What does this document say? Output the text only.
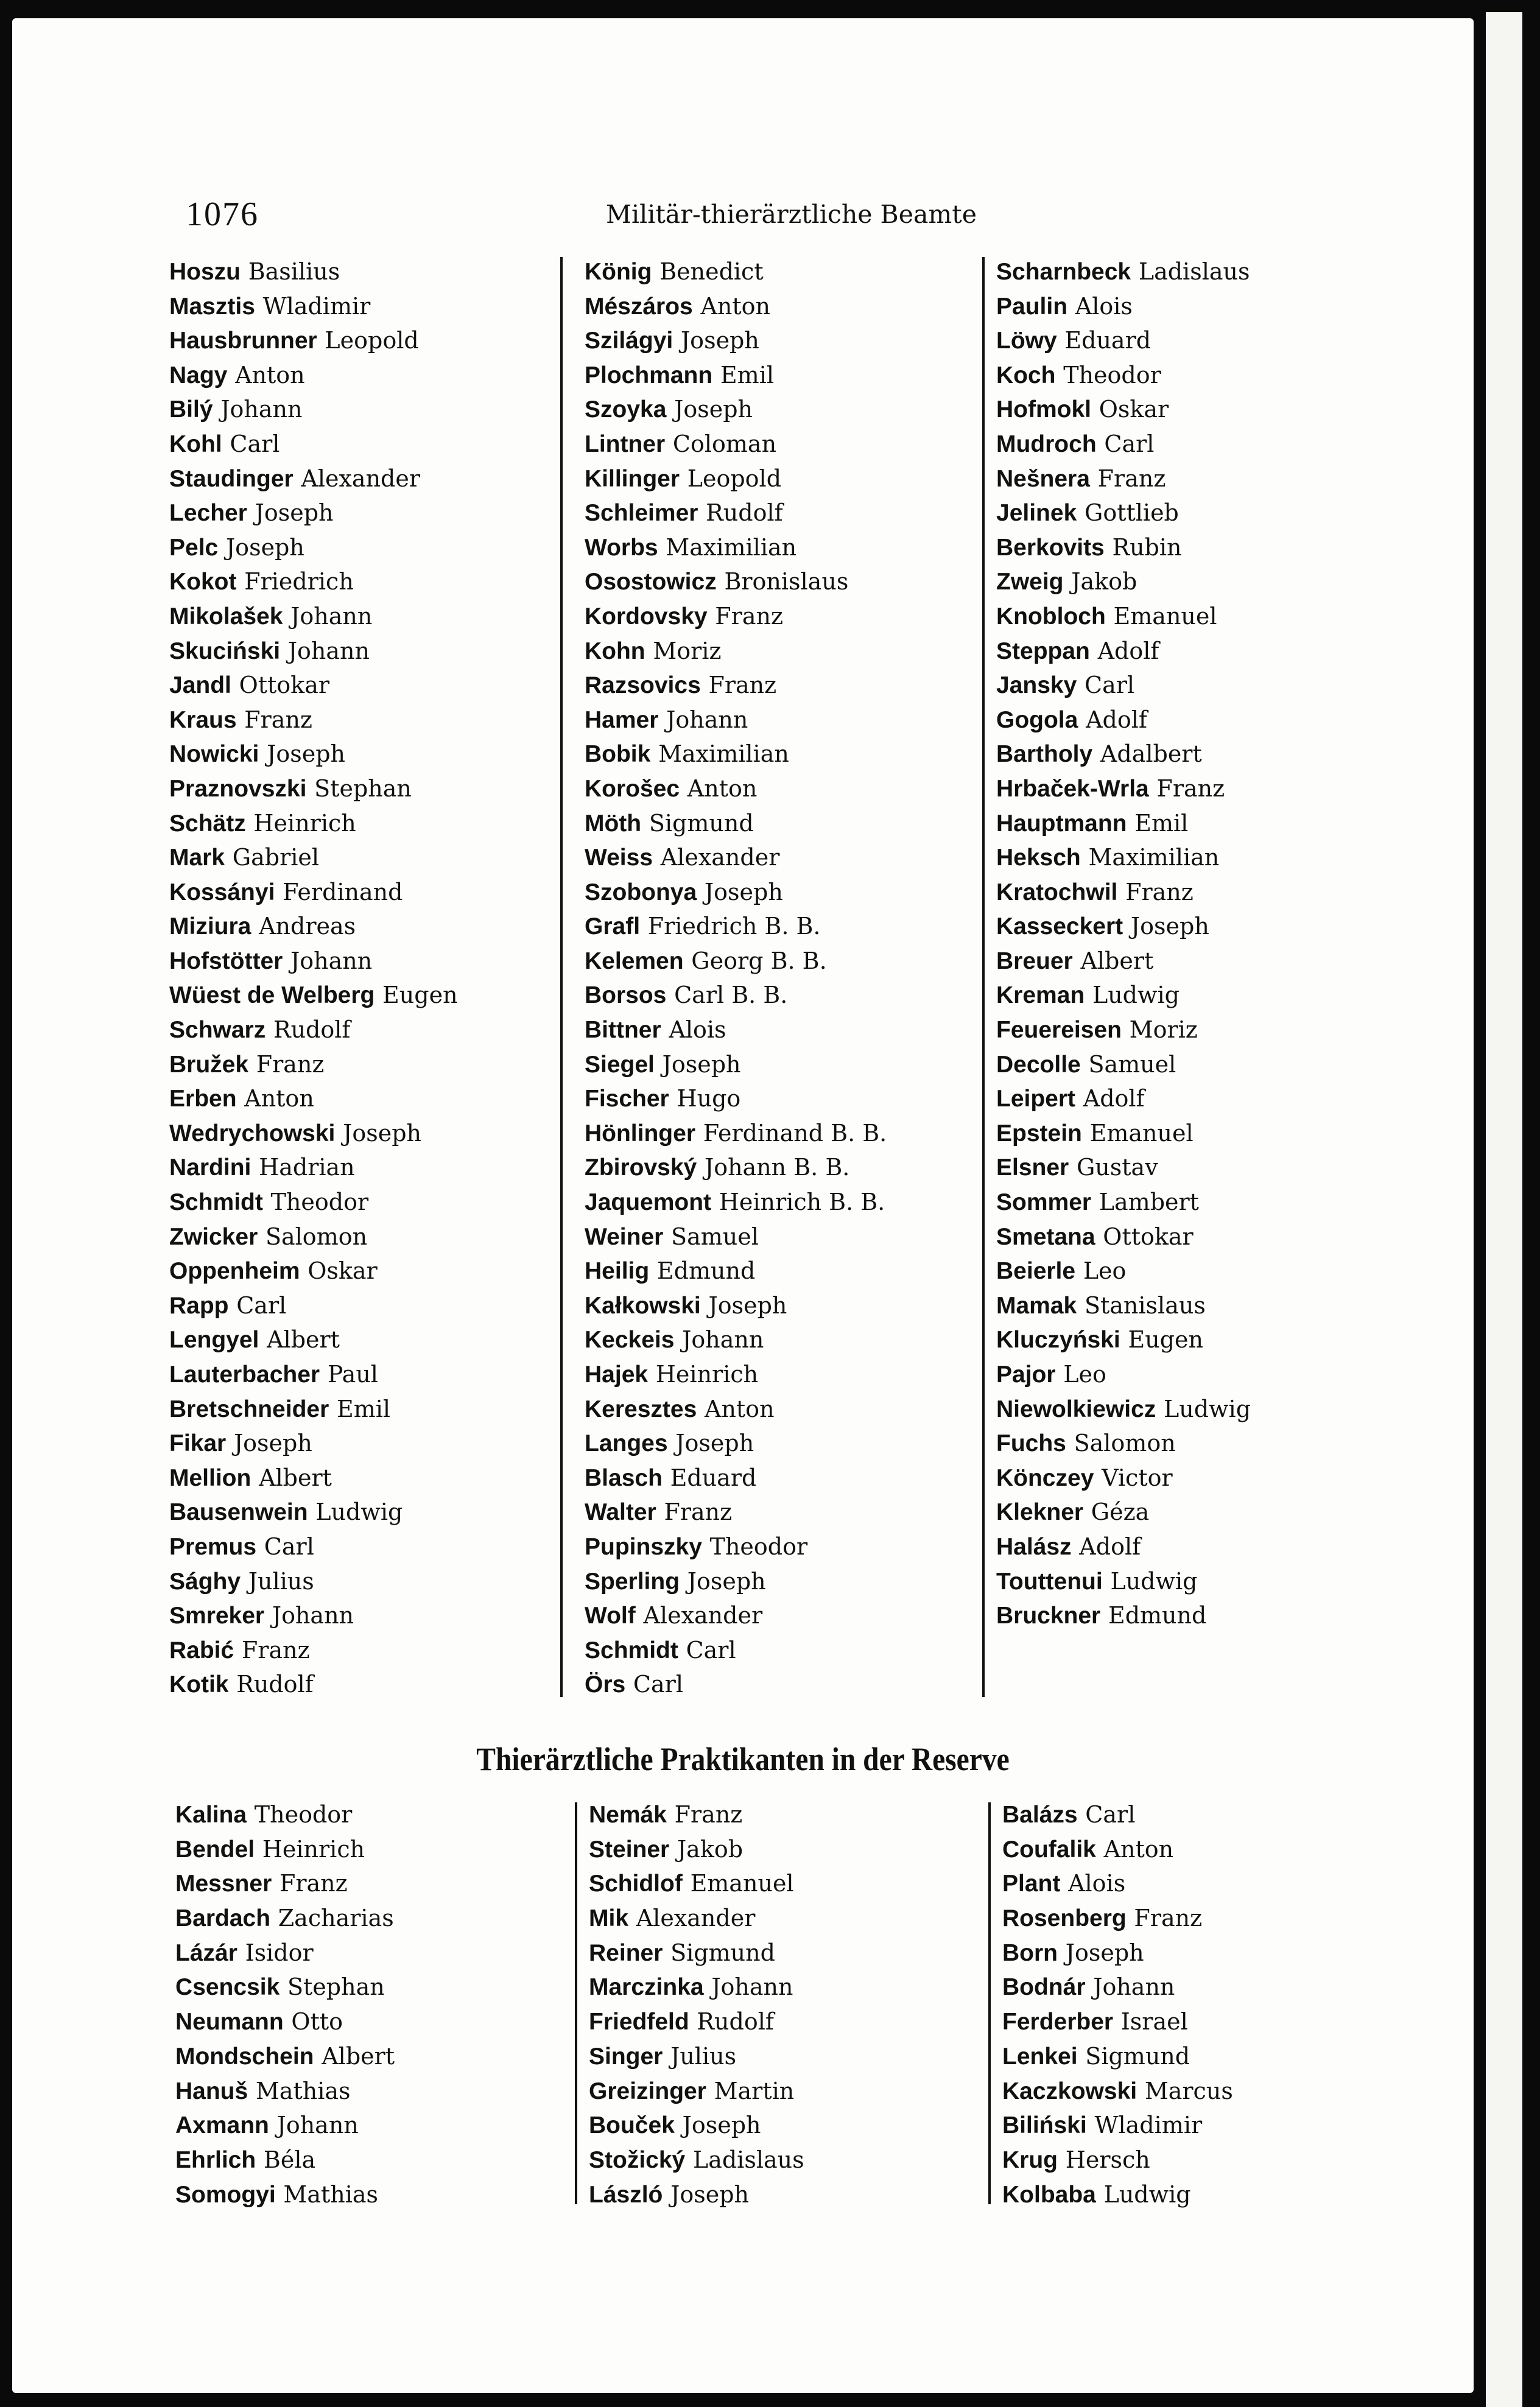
1076	Militär-thierärztliche Beamte
Hoszu Basilius
Masztis Wladimir
Hausbrunner Leopold
Nagy Anton
Bilý Johann
Kohl Carl
Staudinger Alexander
Lecher Joseph
Pelc Joseph
Kokot Friedrich
Mikolašek Johann
Skuciński Johann
Jandl Ottokar
Kraus Franz
Nowicki Joseph
Praznovszki Stephan
Schätz Heinrich
Mark Gabriel
Kossányi Ferdinand
Miziura Andreas
Hofstötter Johann
Wüest de Welberg Eugen
Schwarz Rudolf
Bružek Franz
Erben Anton
Wedrychowski Joseph
Nardini Hadrian
Schmidt Theodor
Zwicker Salomon
Oppenheim Oskar
Rapp Carl
Lengyel Albert
Lauterbacher Paul
Bretschneider Emil
Fikar Joseph
Mellion Albert
Bausenwein Ludwig
Premus Carl
Sághy Julius
Smreker Johann
Rabić Franz
Kotik Rudolf
König Benedict
Mészáros Anton
Szilágyi Joseph
Plochmann Emil
Szoyka Joseph
Lintner Coloman
Killinger Leopold
Schleimer Rudolf
Worbs Maximilian
Osostowicz Bronislaus
Kordovsky Franz
Kohn Moriz
Razsovics Franz
Hamer Johann
Bobik Maximilian
Korošec Anton
Möth Sigmund
Weiss Alexander
Szobonya Joseph
Grafl Friedrich B. B.
Kelemen Georg B. B.
Borsos Carl B. B.
Bittner Alois
Siegel Joseph
Fischer Hugo
Hönlinger Ferdinand B. B.
Zbirovský Johann B. B.
Jaquemont Heinrich B. B.
Weiner Samuel
Heilig Edmund
Kałkowski Joseph
Keckeis Johann
Hajek Heinrich
Keresztes Anton
Langes Joseph
Blasch Eduard
Walter Franz
Pupinszky Theodor
Sperling Joseph
Wolf Alexander
Schmidt Carl
Örs Carl
Scharnbeck Ladislaus
Paulin Alois
Löwy Eduard
Koch Theodor
Hofmokl Oskar
Mudroch Carl
Nešnera Franz
Jelinek Gottlieb
Berkovits Rubin
Zweig Jakob
Knobloch Emanuel
Steppan Adolf
Jansky Carl
Gogola Adolf
Bartholy Adalbert
Hrbaček-Wrla Franz
Hauptmann Emil
Heksch Maximilian
Kratochwil Franz
Kasseckert Joseph
Breuer Albert
Kreman Ludwig
Feuereisen Moriz
Decolle Samuel
Leipert Adolf
Epstein Emanuel
Elsner Gustav
Sommer Lambert
Smetana Ottokar
Beierle Leo
Mamak Stanislaus
Kluczyński Eugen
Pajor Leo
Niewolkiewicz Ludwig
Fuchs Salomon
Könczey Victor
Klekner Géza
Halász Adolf
Touttenui Ludwig
Bruckner Edmund
Thierärztliche Praktikanten in der Reserve
Kalina Theodor
Bendel Heinrich
Messner Franz
Bardach Zacharias
Lázár Isidor
Csencsik Stephan
Neumann Otto
Mondschein Albert
Hanuš Mathias
Axmann Johann
Ehrlich Béla
Somogyi Mathias
Nemák Franz
Steiner Jakob
Schidlof Emanuel
Mik Alexander
Reiner Sigmund
Marczinka Johann
Friedfeld Rudolf
Singer Julius
Greizinger Martin
Bouček Joseph
Stožický Ladislaus
László Joseph
Balázs Carl
Coufalik Anton
Plant Alois
Rosenberg Franz
Born Joseph
Bodnár Johann
Ferderber Israel
Lenkei Sigmund
Kaczkowski Marcus
Biliński Wladimir
Krug Hersch
Kolbaba Ludwig
